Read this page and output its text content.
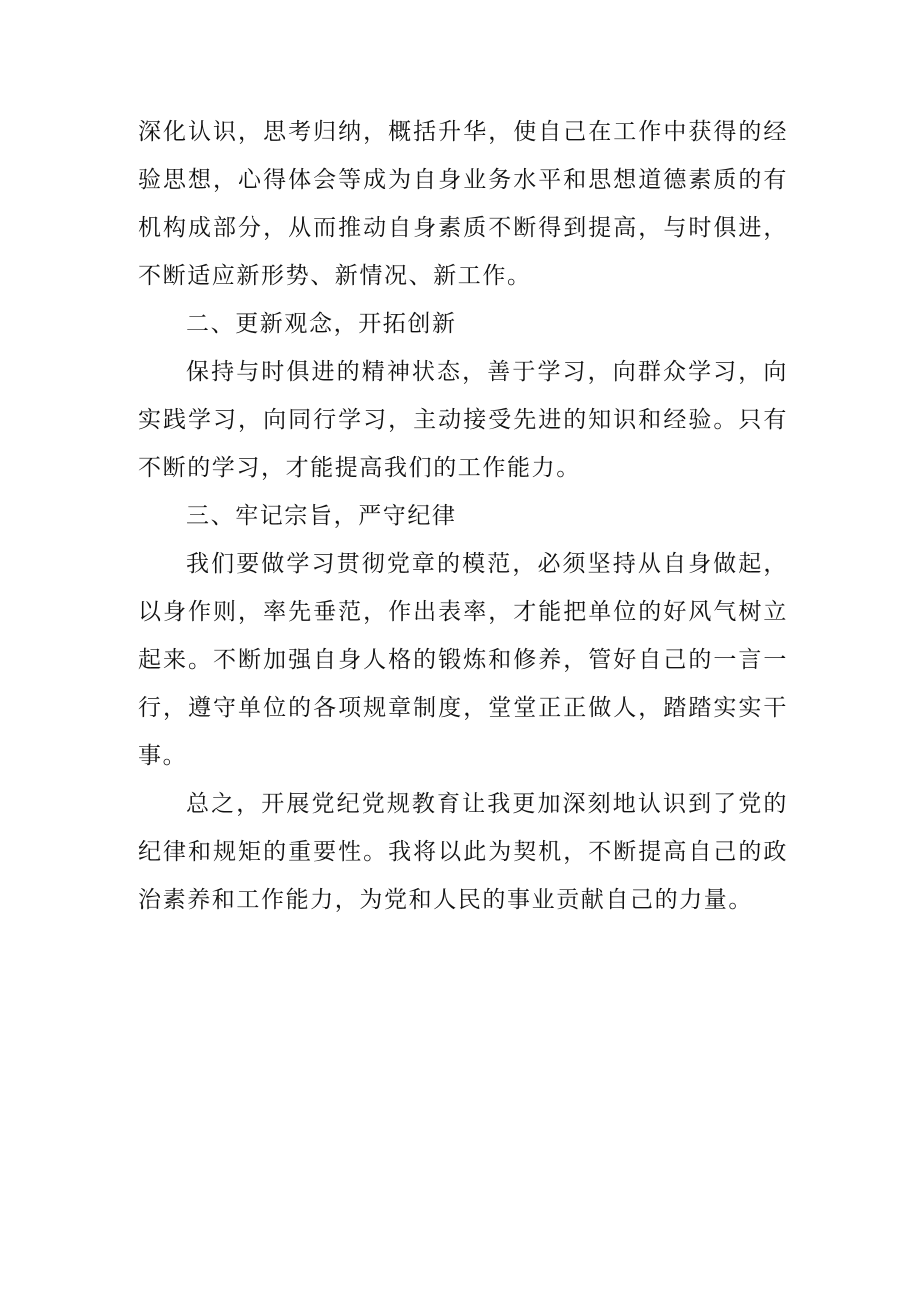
深化认识，思考归纳，概括升华，使自己在工作中获得的经验思想，心得体会等成为自身业务水平和思想道德素质的有机构成部分，从而推动自身素质不断得到提高，与时俱进，不断适应新形势、新情况、新工作。

二、更新观念，开拓创新

保持与时俱进的精神状态，善于学习，向群众学习，向实践学习，向同行学习，主动接受先进的知识和经验。只有不断的学习，才能提高我们的工作能力。

三、牢记宗旨，严守纪律

我们要做学习贯彻党章的模范，必须坚持从自身做起，以身作则，率先垂范，作出表率，才能把单位的好风气树立起来。不断加强自身人格的锻炼和修养，管好自己的一言一行，遵守单位的各项规章制度，堂堂正正做人，踏踏实实干事。

总之，开展党纪党规教育让我更加深刻地认识到了党的纪律和规矩的重要性。我将以此为契机，不断提高自己的政治素养和工作能力，为党和人民的事业贡献自己的力量。
